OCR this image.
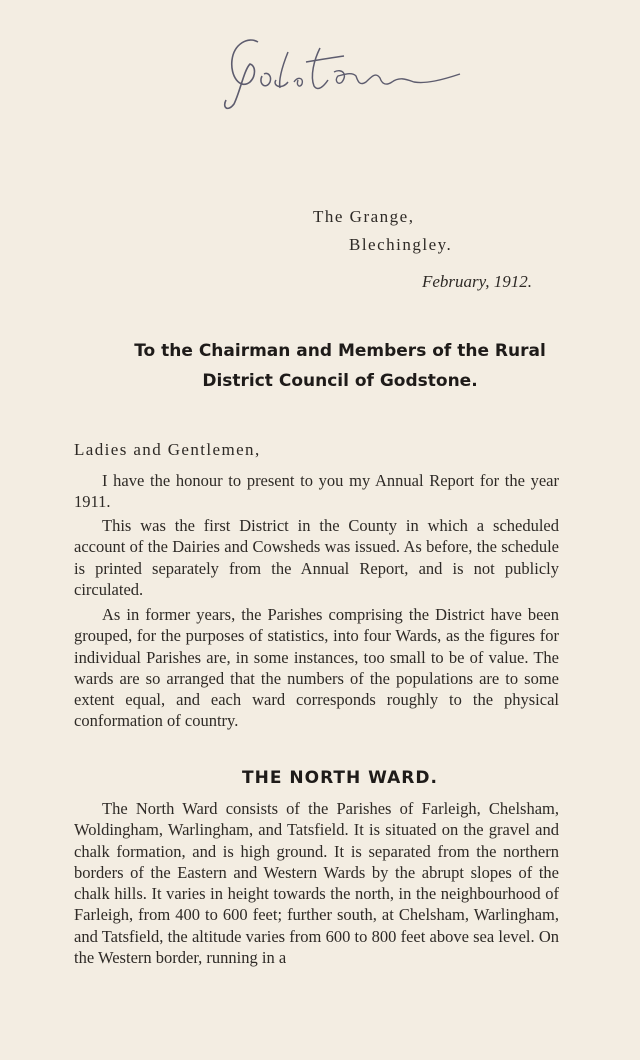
The Grange,
Blechingley.
February, 1912.
To the Chairman and Members of the Rural
District Council of Godstone.
Ladies and Gentlemen,

I have the honour to present to you my Annual Report for the year 1911.

This was the first District in the County in which a scheduled account of the Dairies and Cowsheds was issued. As before, the schedule is printed separately from the Annual Report, and is not publicly circulated.

As in former years, the Parishes comprising the District have been grouped, for the purposes of statistics, into four Wards, as the figures for individual Parishes are, in some instances, too small to be of value. The wards are so arranged that the numbers of the populations are to some extent equal, and each ward corresponds roughly to the physical conformation of country.

THE NORTH WARD.

The North Ward consists of the Parishes of Farleigh, Chelsham, Woldingham, Warlingham, and Tatsfield. It is situated on the gravel and chalk formation, and is high ground. It is separated from the northern borders of the Eastern and Western Wards by the abrupt slopes of the chalk hills. It varies in height towards the north, in the neighbourhood of Farleigh, from 400 to 600 feet; further south, at Chelsham, Warlingham, and Tatsfield, the altitude varies from 600 to 800 feet above sea level. On the Western border, running in a
